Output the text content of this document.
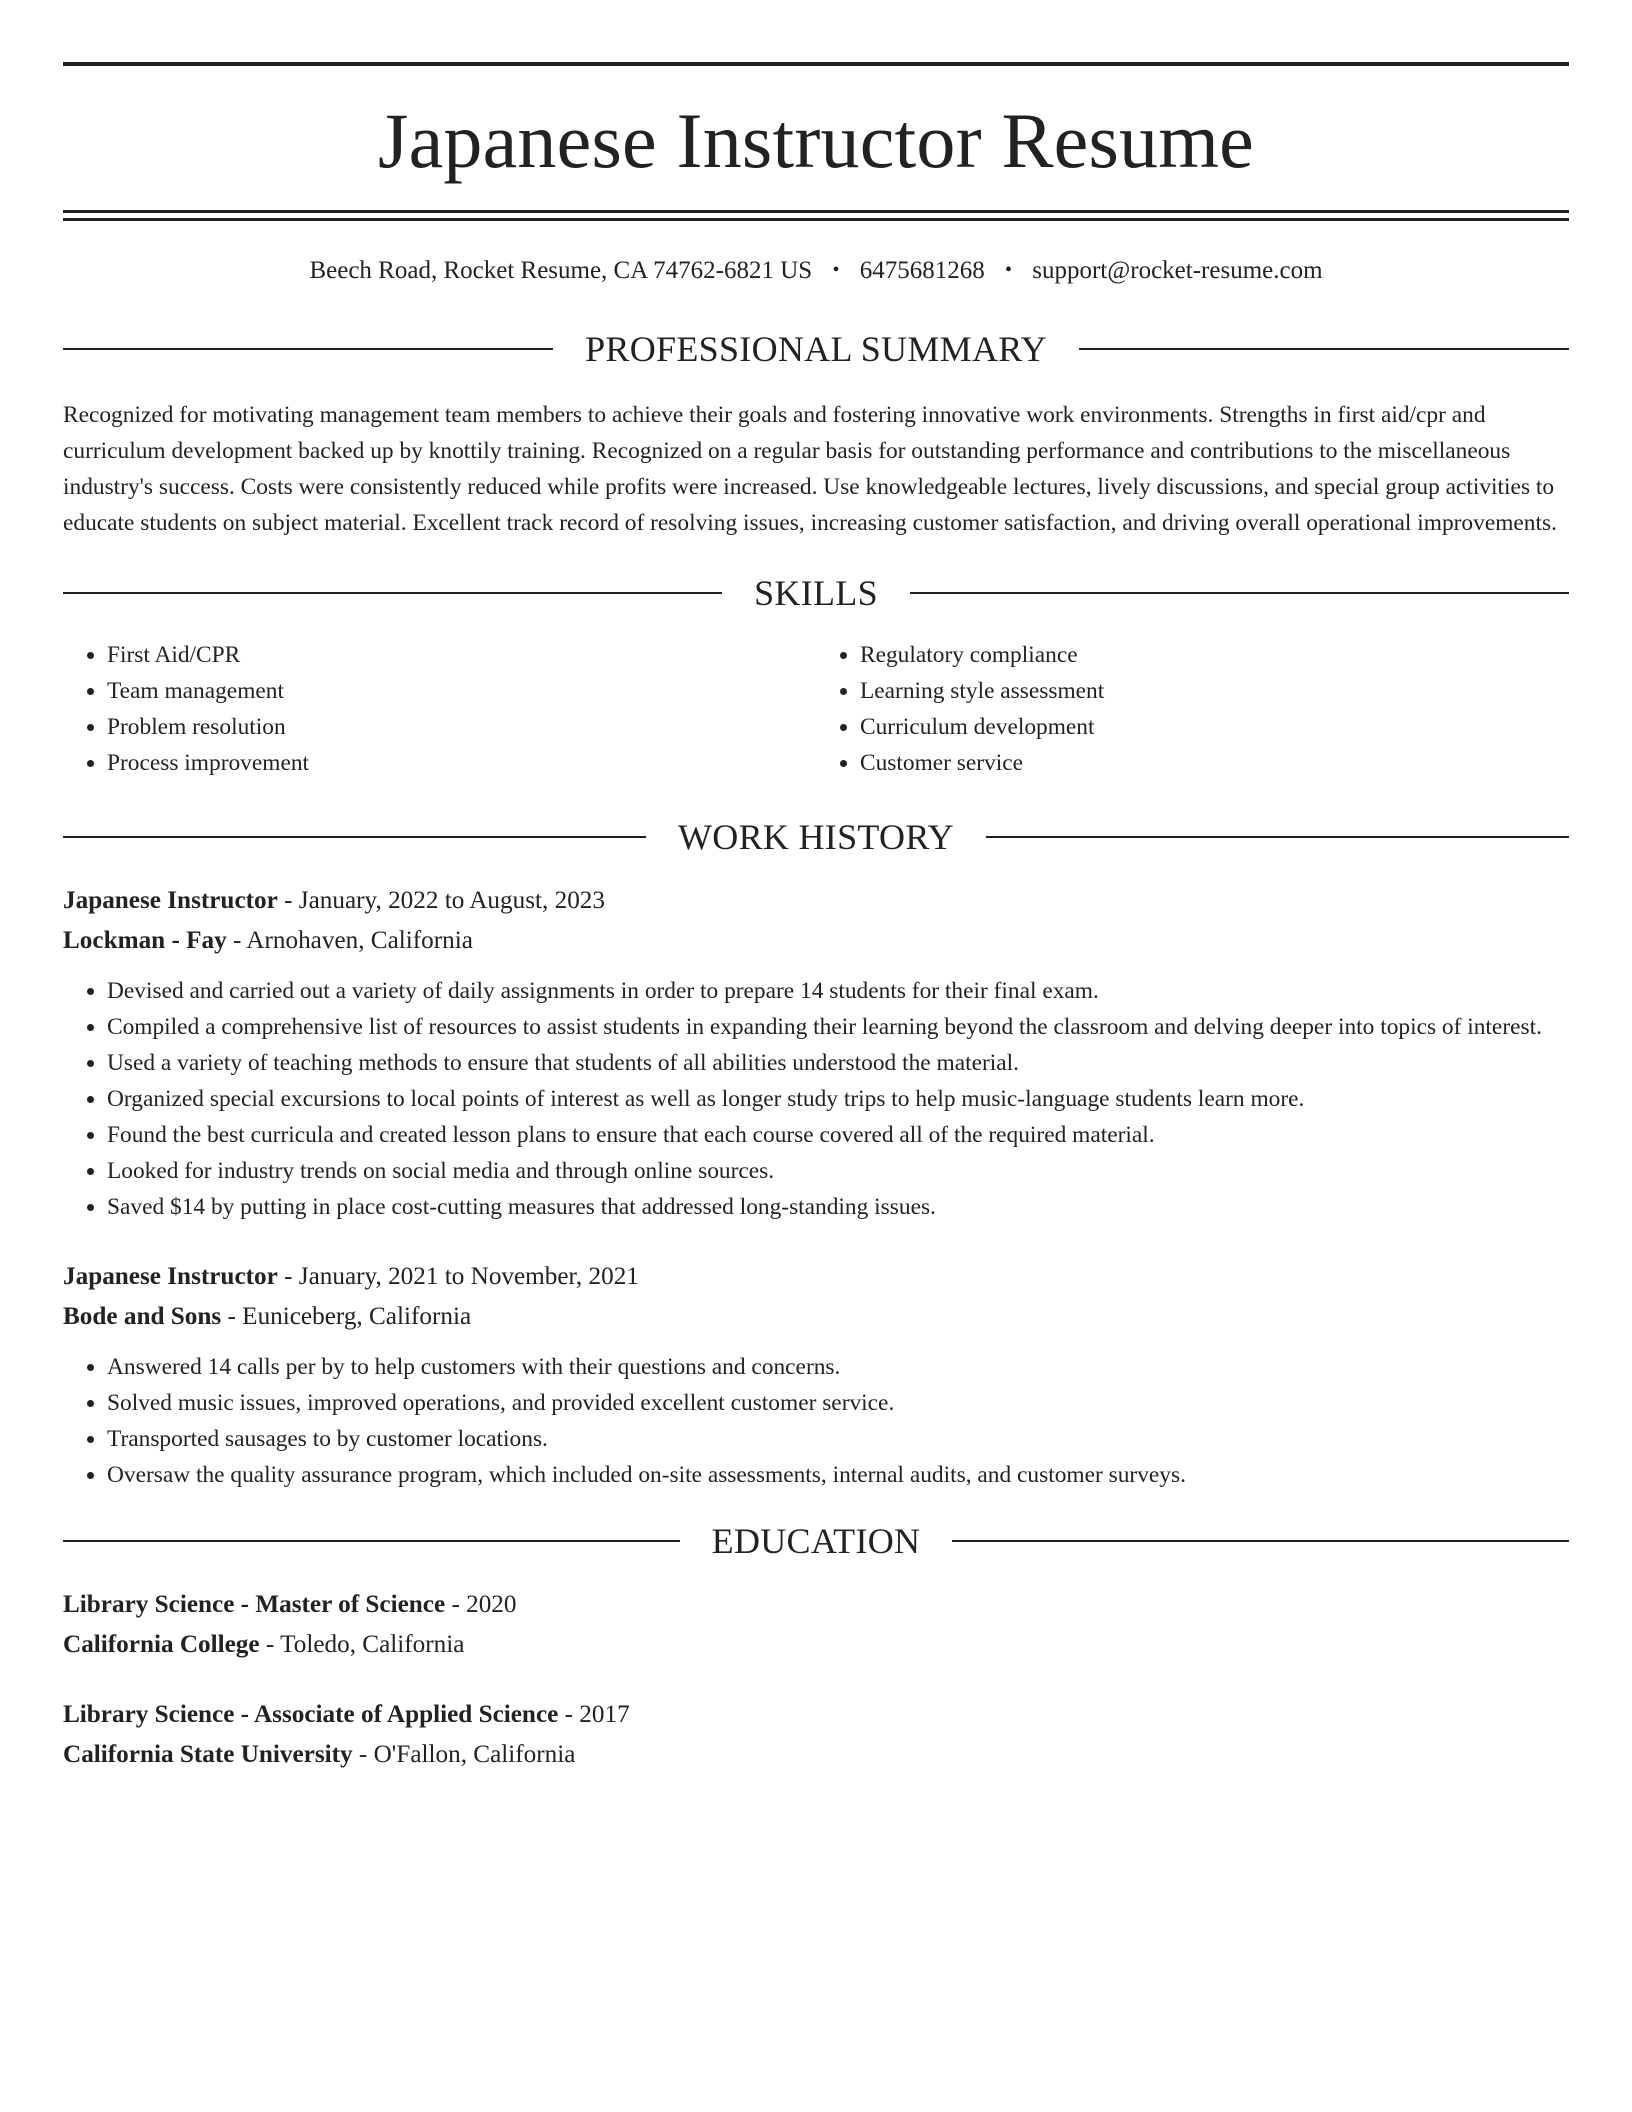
Japanese Instructor Resume
Beech Road, Rocket Resume, CA 74762-6821 US • 6475681268 • support@rocket-resume.com
PROFESSIONAL SUMMARY

Recognized for motivating management team members to achieve their goals and fostering innovative work environments. Strengths in first aid/cpr and curriculum development backed up by knottily training. Recognized on a regular basis for outstanding performance and contributions to the miscellaneous industry's success. Costs were consistently reduced while profits were increased. Use knowledgeable lectures, lively discussions, and special group activities to educate students on subject material. Excellent track record of resolving issues, increasing customer satisfaction, and driving overall operational improvements.

SKILLS
• First Aid/CPR
• Team management
• Problem resolution
• Process improvement
• Regulatory compliance
• Learning style assessment
• Curriculum development
• Customer service
WORK HISTORY
Japanese Instructor - January, 2022 to August, 2023
Lockman - Fay - Arnohaven, California
• Devised and carried out a variety of daily assignments in order to prepare 14 students for their final exam.
• Compiled a comprehensive list of resources to assist students in expanding their learning beyond the classroom and delving deeper into topics of interest.
• Used a variety of teaching methods to ensure that students of all abilities understood the material.
• Organized special excursions to local points of interest as well as longer study trips to help music-language students learn more.
• Found the best curricula and created lesson plans to ensure that each course covered all of the required material.
• Looked for industry trends on social media and through online sources.
• Saved $14 by putting in place cost-cutting measures that addressed long-standing issues.
Japanese Instructor - January, 2021 to November, 2021
Bode and Sons - Euniceberg, California
• Answered 14 calls per by to help customers with their questions and concerns.
• Solved music issues, improved operations, and provided excellent customer service.
• Transported sausages to by customer locations.
• Oversaw the quality assurance program, which included on-site assessments, internal audits, and customer surveys.
EDUCATION
Library Science - Master of Science - 2020
California College - Toledo, California
Library Science - Associate of Applied Science - 2017
California State University - O'Fallon, California
